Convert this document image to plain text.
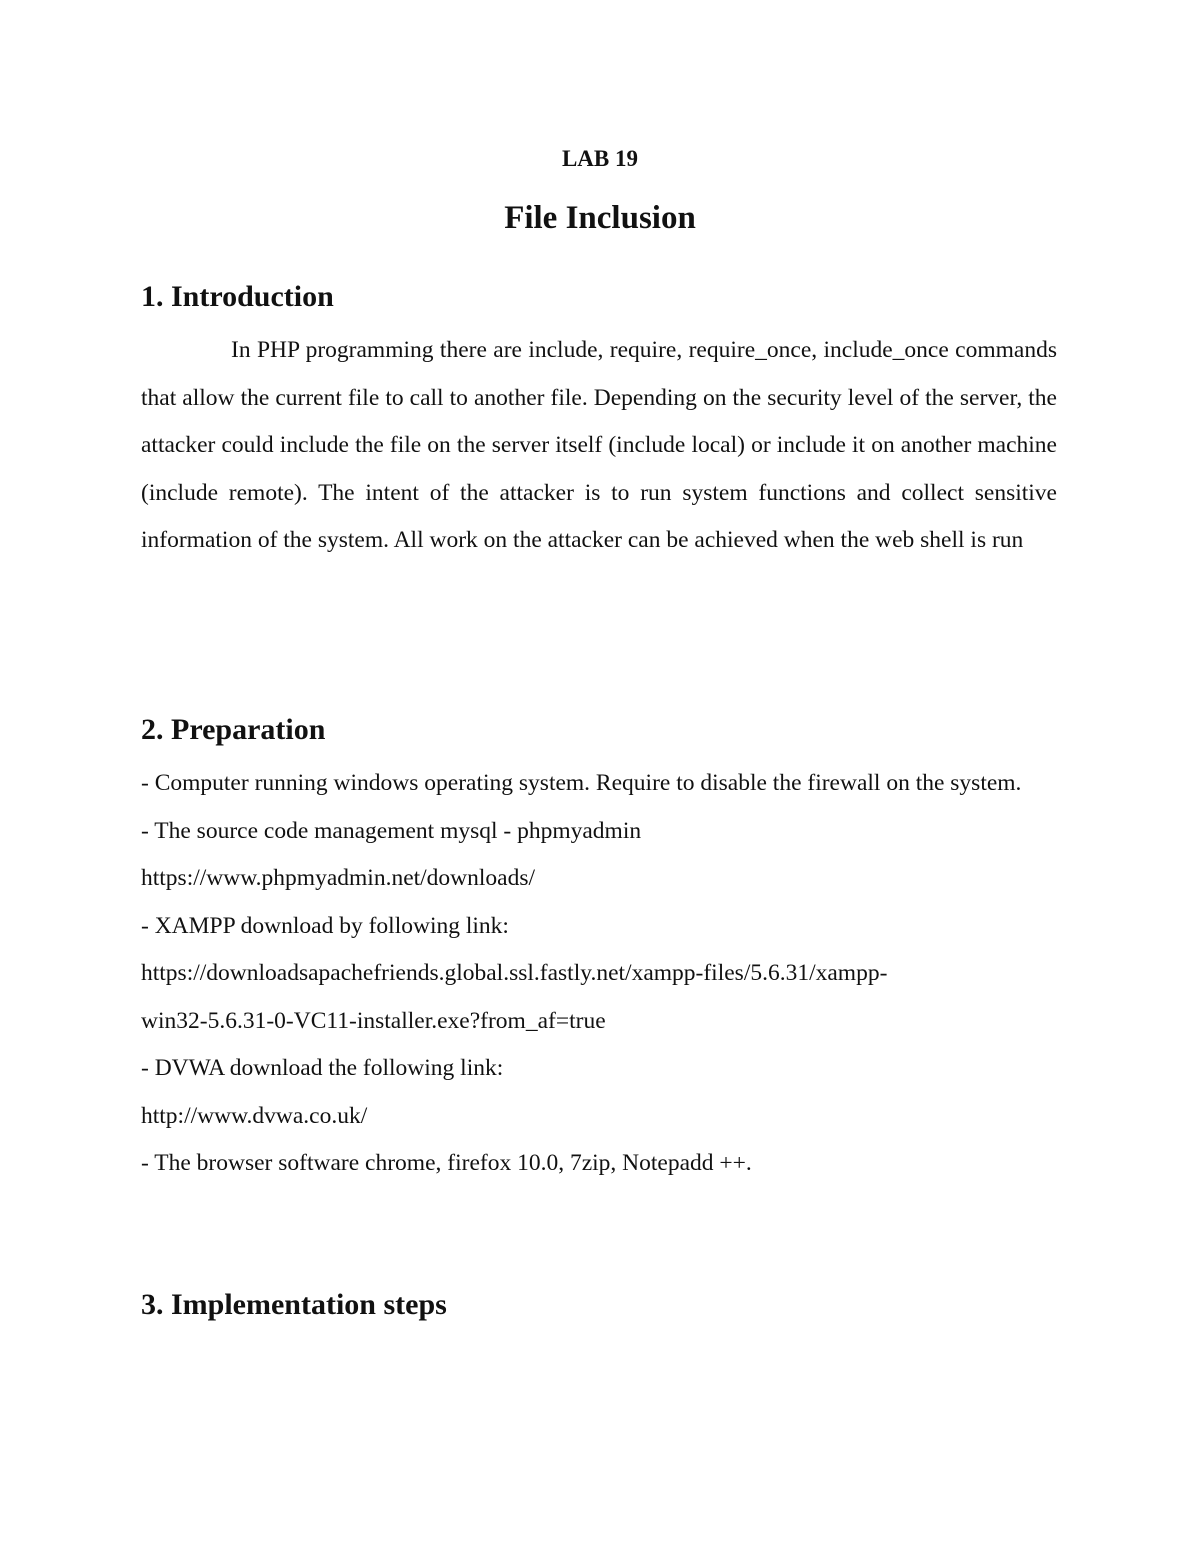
LAB 19
File Inclusion
1. Introduction

In PHP programming there are include, require, require_once, include_once commands that allow the current file to call to another file. Depending on the security level of the server, the attacker could include the file on the server itself (include local) or include it on another machine (include remote). The intent of the attacker is to run system functions and collect sensitive information of the system. All work on the attacker can be achieved when the web shell is run

2. Preparation
- Computer running windows operating system. Require to disable the firewall on the system.
- The source code management mysql - phpmyadmin
https://www.phpmyadmin.net/downloads/
- XAMPP download by following link:
https://downloadsapachefriends.global.ssl.fastly.net/xampp-files/5.6.31/xampp-
win32-5.6.31-0-VC11-installer.exe?from_af=true
- DVWA download the following link:
http://www.dvwa.co.uk/
- The browser software chrome, firefox 10.0, 7zip, Notepadd ++.
3. Implementation steps
